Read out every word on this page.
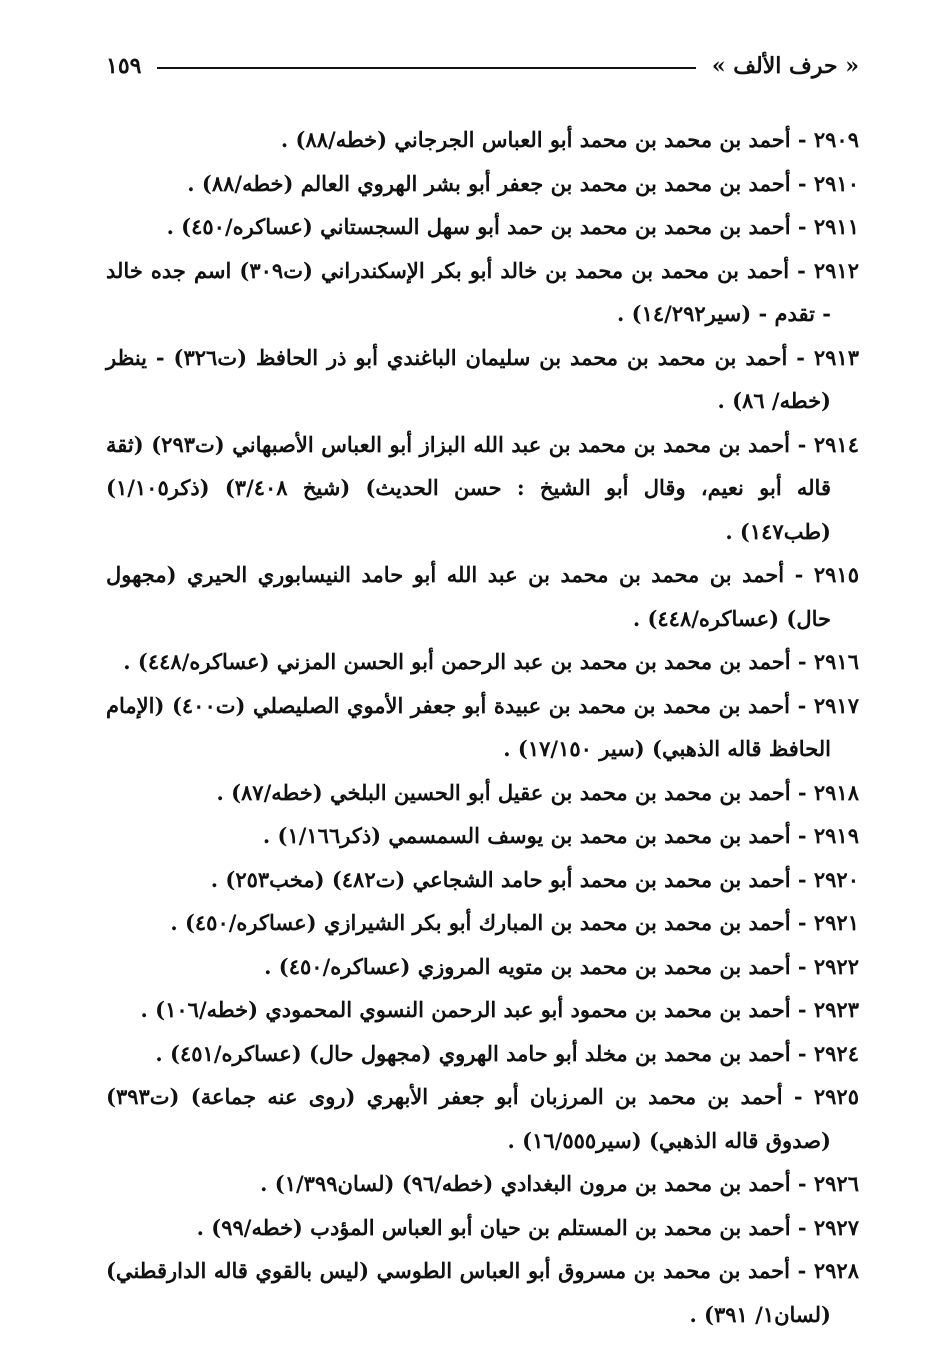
« حرف الألف »
١٥٩

٢٩٠٩ - أحمد بن محمد بن محمد أبو العباس الجرجاني (خطه/٨٨) .

٢٩١٠ - أحمد بن محمد بن محمد بن جعفر أبو بشر الهروي العالم (خطه/٨٨) .

٢٩١١ - أحمد بن محمد بن محمد بن حمد أبو سهل السجستاني (عساكره/٤٥٠) .

٢٩١٢ - أحمد بن محمد بن محمد بن خالد أبو بكر الإسكندراني (ت٣٠٩) اسم جده خالد - تقدم - (سير١٤/٢٩٢) .

٢٩١٣ - أحمد بن محمد بن محمد بن سليمان الباغندي أبو ذر الحافظ (ت٣٢٦) - ينظر (خطه/ ٨٦) .

٢٩١٤ - أحمد بن محمد بن محمد بن عبد الله البزاز أبو العباس الأصبهاني (ت٢٩٣) (ثقة قاله أبو نعيم، وقال أبو الشيخ : حسن الحديث) (شيخ ٣/٤٠٨) (ذكر١/١٠٥) (طب١٤٧) .

٢٩١٥ - أحمد بن محمد بن محمد بن عبد الله أبو حامد النيسابوري الحيري (مجهول حال) (عساكره/٤٤٨) .

٢٩١٦ - أحمد بن محمد بن محمد بن عبد الرحمن أبو الحسن المزني (عساكره/٤٤٨) .

٢٩١٧ - أحمد بن محمد بن محمد بن عبيدة أبو جعفر الأموي الصليصلي (ت٤٠٠) (الإمام الحافظ قاله الذهبي) (سير ١٧/١٥٠) .

٢٩١٨ - أحمد بن محمد بن محمد بن عقيل أبو الحسين البلخي (خطه/٨٧) .

٢٩١٩ - أحمد بن محمد بن محمد بن يوسف السمسمي (ذكر١/١٦٦) .

٢٩٢٠ - أحمد بن محمد بن محمد أبو حامد الشجاعي (ت٤٨٢) (مخب٢٥٣) .

٢٩٢١ - أحمد بن محمد بن محمد بن المبارك أبو بكر الشيرازي (عساكره/٤٥٠) .

٢٩٢٢ - أحمد بن محمد بن محمد بن متويه المروزي (عساكره/٤٥٠) .

٢٩٢٣ - أحمد بن محمد بن محمود أبو عبد الرحمن النسوي المحمودي (خطه/١٠٦) .

٢٩٢٤ - أحمد بن محمد بن مخلد أبو حامد الهروي (مجهول حال) (عساكره/٤٥١) .

٢٩٢٥ - أحمد بن محمد بن المرزبان أبو جعفر الأبهري (روى عنه جماعة) (ت٣٩٣) (صدوق قاله الذهبي) (سير١٦/٥٥٥) .

٢٩٢٦ - أحمد بن محمد بن مرون البغدادي (خطه/٩٦) (لسان١/٣٩٩) .

٢٩٢٧ - أحمد بن محمد بن المستلم بن حيان أبو العباس المؤدب (خطه/٩٩) .

٢٩٢٨ - أحمد بن محمد بن مسروق أبو العباس الطوسي (ليس بالقوي قاله الدارقطني) (لسان١/ ٣٩١) .
